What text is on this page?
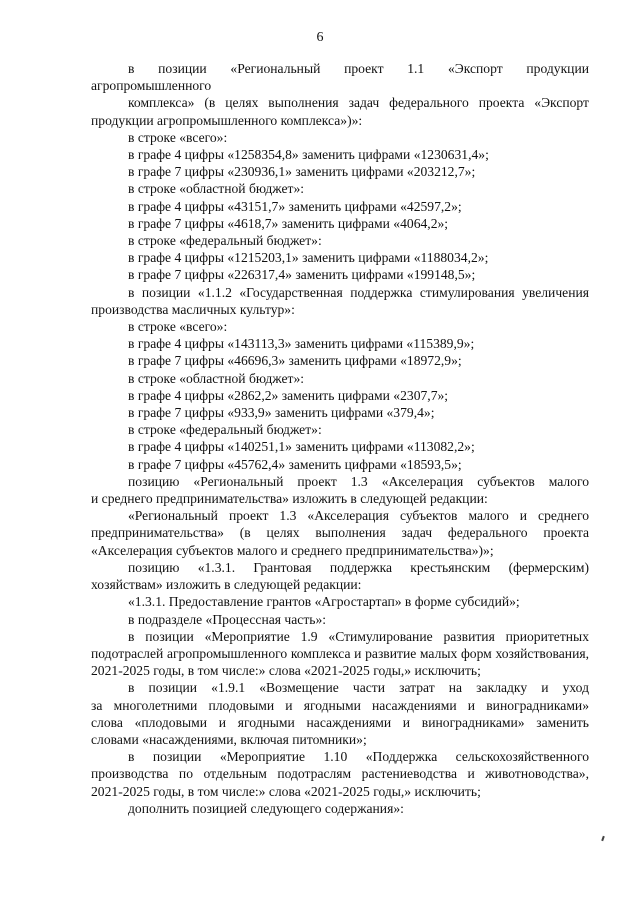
6

в позиции «Региональный проект 1.1 «Экспорт продукции агропромышленного

комплекса» (в целях выполнения задач федерального проекта «Экспорт

продукции агропромышленного комплекса»)»:

в строке «всего»:

в графе 4 цифры «1258354,8» заменить цифрами «1230631,4»;

в графе 7 цифры «230936,1» заменить цифрами «203212,7»;

в строке «областной бюджет»:

в графе 4 цифры «43151,7» заменить цифрами «42597,2»;

в графе 7 цифры «4618,7» заменить цифрами «4064,2»;

в строке «федеральный бюджет»:

в графе 4 цифры «1215203,1» заменить цифрами «1188034,2»;

в графе 7 цифры «226317,4» заменить цифрами «199148,5»;

в позиции «1.1.2 «Государственная поддержка стимулирования увеличения

производства масличных культур»:

в строке «всего»:

в графе 4 цифры «143113,3» заменить цифрами «115389,9»;

в графе 7 цифры «46696,3» заменить цифрами «18972,9»;

в строке «областной бюджет»:

в графе 4 цифры «2862,2» заменить цифрами «2307,7»;

в графе 7 цифры «933,9» заменить цифрами «379,4»;

в строке «федеральный бюджет»:

в графе 4 цифры «140251,1» заменить цифрами «113082,2»;

в графе 7 цифры «45762,4» заменить цифрами «18593,5»;

позицию «Региональный проект 1.3 «Акселерация субъектов малого

и среднего предпринимательства» изложить в следующей редакции:

«Региональный проект 1.3 «Акселерация субъектов малого и среднего

предпринимательства» (в целях выполнения задач федерального проекта

«Акселерация субъектов малого и среднего предпринимательства»)»;

позицию «1.3.1. Грантовая поддержка крестьянским (фермерским)

хозяйствам» изложить в следующей редакции:

«1.3.1. Предоставление грантов «Агростартап» в форме субсидий»;

в подразделе «Процессная часть»:

в позиции «Мероприятие 1.9 «Стимулирование развития приоритетных

подотраслей агропромышленного комплекса и развитие малых форм хозяйствования,

2021-2025 годы, в том числе:» слова «2021-2025 годы,» исключить;

в позиции «1.9.1 «Возмещение части затрат на закладку и уход

за многолетними плодовыми и ягодными насаждениями и виноградниками»

слова «плодовыми и ягодными насаждениями и виноградниками» заменить

словами «насаждениями, включая питомники»;

в позиции «Мероприятие 1.10 «Поддержка сельскохозяйственного

производства по отдельным подотраслям растениеводства и животноводства»,

2021-2025 годы, в том числе:» слова «2021-2025 годы,» исключить;

дополнить позицией следующего содержания»:
